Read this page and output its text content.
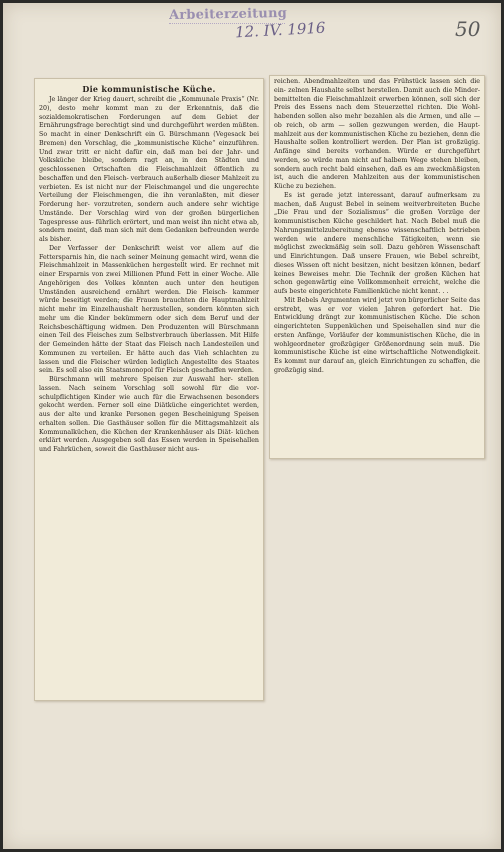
Arbeiterzeitung
12. IV. 1916	50
Die kommunistische Küche.

Je länger der Krieg dauert, schreibt die „Kommunale Praxis“ (Nr. 20), desto mehr kommt man zu der Erkenntnis, daß die sozialdemokratischen Forderungen auf dem Gebiet der Ernährungsfrage berechtigt sind und durchgeführt werden müßten. So macht in einer Denkschrift ein G. Bürschmann (Vegesack bei Bremen) den Vorschlag, die „kommunistische Küche“ einzuführen. Und zwar tritt er nicht dafür ein, daß man bei der Jahr- und Volksküche bleibe, sondern ragt an, in den Städten und geschlossenen Ortschaften die Fleischmahlzeit öffentlich zu beschaffen und den Fleisch- verbrauch außerhalb dieser Mahlzeit zu verbieten. Es ist nicht nur der Fleischmangel und die ungerechte Verteilung der Fleischmengen, die ihn veranlaßten, mit dieser Forderung her- vorzutreten, sondern auch andere sehr wichtige Umstände. Der Vorschlag wird von der großen bürgerlichen Tagespresse aus- führlich erörtert, und man weist ihn nicht etwa ab, sondern meint, daß man sich mit dem Gedanken befreunden werde als bisher.

Der Verfasser der Denkschrift weist vor allem auf die Fettersparnis hin, die nach seiner Meinung gemacht wird, wenn die Fleischmahlzeit in Massenküchen hergestellt wird. Er rechnet mit einer Ersparnis von zwei Millionen Pfund Fett in einer Woche. Alle Angehörigen des Volkes könnten auch unter den heutigen Umständen ausreichend ernährt werden. Die Fleisch- kammer würde beseitigt werden; die Frauen brauchten die Hauptmahlzeit nicht mehr im Einzelhaushalt herzustellen, sondern könnten sich mehr um die Kinder bekümmern oder sich dem Beruf und der Reichsbeschäftigung widmen. Den Produzenten will Bürschmann einen Teil des Fleisches zum Selbstverbrauch überlassen. Mit Hilfe der Gemeinden hätte der Staat das Fleisch nach Landesteilen und Kommunen zu verteilen. Er hätte auch das Vieh schlachten zu lassen und die Fleischer würden lediglich Angestellte des Staates sein. Es soll also ein Staatsmonopol für Fleisch geschaffen werden.

Bürschmann will mehrere Speisen zur Auswahl her- stellen lassen. Nach seinem Vorschlag soll sowohl für die vor- schulpflichtigen Kinder wie auch für die Erwachsenen besonders gekocht werden. Ferner soll eine Diätküche eingerichtet werden, aus der alte und kranke Personen gegen Bescheinigung Speisen erhalten sollen. Die Gasthäuser sollen für die Mittagsmahlzeit als Kommunalküchen, die Küchen der Krankenhäuser als Diät- küchen erklärt werden. Ausgegeben soll das Essen werden in Speisehallen und Fahrküchen, soweit die Gasthäuser nicht aus-

reichen. Abendmahlzeiten und das Frühstück lassen sich die ein- zelnen Haushalte selbst herstellen. Damit auch die Minder- bemittelten die Fleischmahlzeit erwerben können, soll sich der Preis des Essens nach dem Steuerzettel richten. Die Wohl- habenden sollen also mehr bezahlen als die Armen, und alle — ob reich, ob arm — sollen gezwungen werden, die Haupt- mahlzeit aus der kommunistischen Küche zu beziehen, denn die Haushalte sollen kontrolliert werden. Der Plan ist großzügig. Anfänge sind bereits vorhanden. Würde er durchgeführt werden, so würde man nicht auf halbem Wege stehen bleiben, sondern auch recht bald einsehen, daß es am zweckmäßigsten ist, auch die anderen Mahlzeiten aus der kommunistischen Küche zu beziehen.

Es ist gerade jetzt interessant, darauf aufmerksam zu machen, daß August Bebel in seinem weitverbreiteten Buche „Die Frau und der Sozialismus“ die großen Vorzüge der kommunistischen Küche geschildert hat. Nach Bebel muß die Nahrungsmittelzubereitung ebenso wissenschaftlich betrieben werden wie andere menschliche Tätigkeiten, wenn sie möglichst zweckmäßig sein soll. Dazu gehören Wissenschaft und Einrichtungen. Daß unsere Frauen, wie Bebel schreibt, dieses Wissen oft nicht besitzen, nicht besitzen können, bedarf keines Beweises mehr. Die Technik der großen Küchen hat schon gegenwärtig eine Vollkommenheit erreicht, welche die aufs beste eingerichtete Familienküche nicht kennt. . .

Mit Bebels Argumenten wird jetzt von bürgerlicher Seite das erstrebt, was er vor vielen Jahren gefordert hat. Die Entwicklung drängt zur kommunistischen Küche. Die schon eingerichteten Suppenküchen und Speisehallen sind nur die ersten Anfänge, Vorläufer der kommunistischen Küche, die in wohlgeordneter großzügiger Größenordnung sein muß. Die kommunistische Küche ist eine wirtschaftliche Notwendigkeit. Es kommt nur darauf an, gleich Einrichtungen zu schaffen, die großzügig sind.
